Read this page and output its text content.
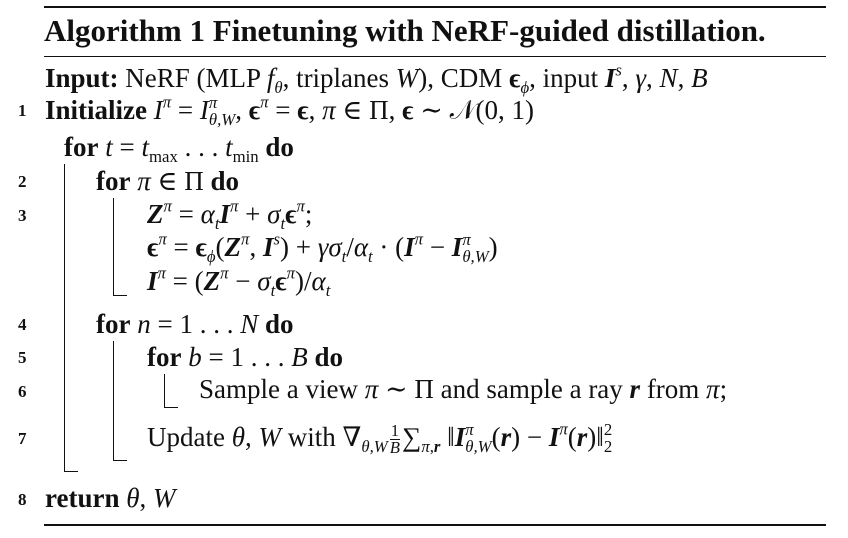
Algorithm 1 Finetuning with NeRF-guided distillation.
Input: NeRF (MLP $f_\theta$, triplanes W), CDM $\epsilon_\phi$, input $I^s$, γ, N, B
1 Initialize $I^\pi = I$ π
θ,W , $\epsilon^\pi = \epsilon$, π ∈ Π, ϵ ∼ 𝒩(0, 1)
for $t = t_{max}$ . . . $t_{min}$ do
2	for π ∈ Π do
3	$Z^\pi = \alpha_tI^\pi + \sigma_t\epsilon^\pi$;
$\epsilon^\pi = \epsilon_\phi(Z^\pi$, $I^s) + \gamma\sigma_t/\alpha_t \cdot (I^\pi - I$ π
θ,W )
$I^\pi = (Z^\pi - \sigma_t\epsilon^\pi)/\alpha_t$
4	for n = 1 . . . N do
5	for b = 1 . . . B do
6	Sample a view π ∼ Π and sample a ray r from π;
7	Update θ, W with $\nabla_{\theta,W} \frac{1}{B} \sum_{\pi,r}$ ‖I π
θ,W $(r) - I^\pi(r)‖$ 2
2
8 return θ, W
